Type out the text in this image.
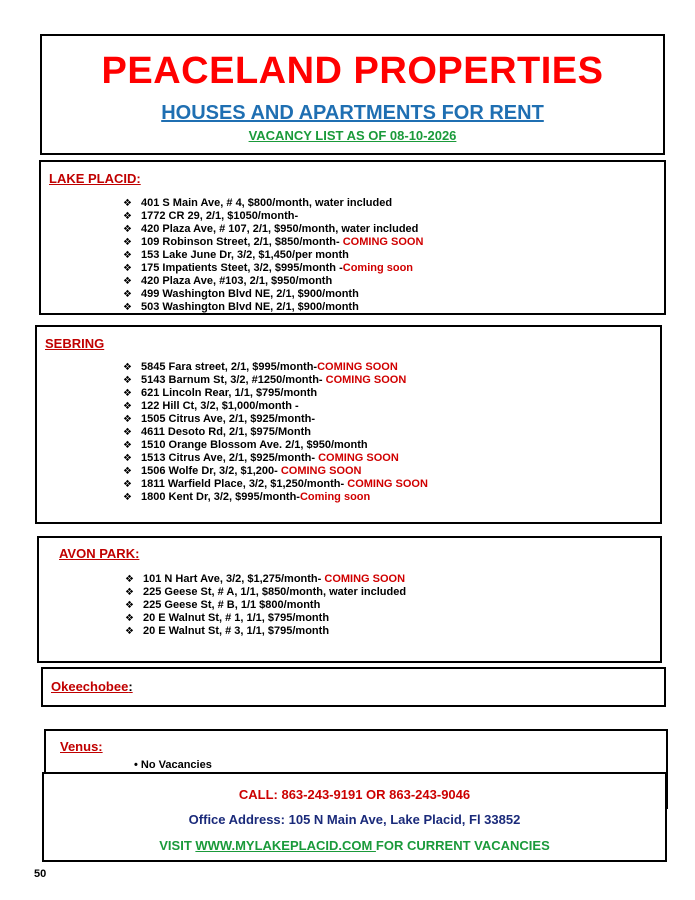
PEACELAND PROPERTIES
HOUSES AND APARTMENTS FOR RENT
VACANCY LIST AS OF 08-10-2026
LAKE PLACID:
❖ 401 S Main Ave, # 4, $800/month, water included
❖ 1772 CR 29, 2/1, $1050/month-
❖ 420 Plaza Ave, # 107, 2/1, $950/month, water included
❖ 109 Robinson Street, 2/1, $850/month- COMING SOON
❖ 153 Lake June Dr, 3/2, $1,450/per month
❖ 175 Impatients Steet, 3/2, $995/month -Coming soon
❖ 420 Plaza Ave, #103, 2/1, $950/month
❖ 499 Washington Blvd NE, 2/1, $900/month
❖ 503 Washington Blvd NE, 2/1, $900/month
SEBRING
❖ 5845 Fara street, 2/1, $995/month-COMING SOON
❖ 5143 Barnum St, 3/2, #1250/month- COMING SOON
❖ 621 Lincoln Rear, 1/1, $795/month
❖ 122 Hill Ct, 3/2, $1,000/month -
❖ 1505 Citrus Ave, 2/1, $925/month-
❖ 4611 Desoto Rd, 2/1, $975/Month
❖ 1510 Orange Blossom Ave. 2/1, $950/month
❖ 1513 Citrus Ave, 2/1, $925/month- COMING SOON
❖ 1506 Wolfe Dr, 3/2, $1,200- COMING SOON
❖ 1811 Warfield Place, 3/2, $1,250/month- COMING SOON
❖ 1800 Kent Dr, 3/2, $995/month-Coming soon
AVON PARK:
❖ 101 N Hart Ave, 3/2, $1,275/month- COMING SOON
❖ 225 Geese St, # A, 1/1, $850/month, water included
❖ 225 Geese St, # B, 1/1 $800/month
❖ 20 E Walnut St, # 1, 1/1, $795/month
❖ 20 E Walnut St, # 3, 1/1, $795/month
Okeechobee:
Venus:
• No Vacancies
CALL: 863-243-9191 OR 863-243-9046
Office Address: 105 N Main Ave, Lake Placid, Fl 33852
VISIT WWW.MYLAKEPLACID.COM FOR CURRENT VACANCIES
50
